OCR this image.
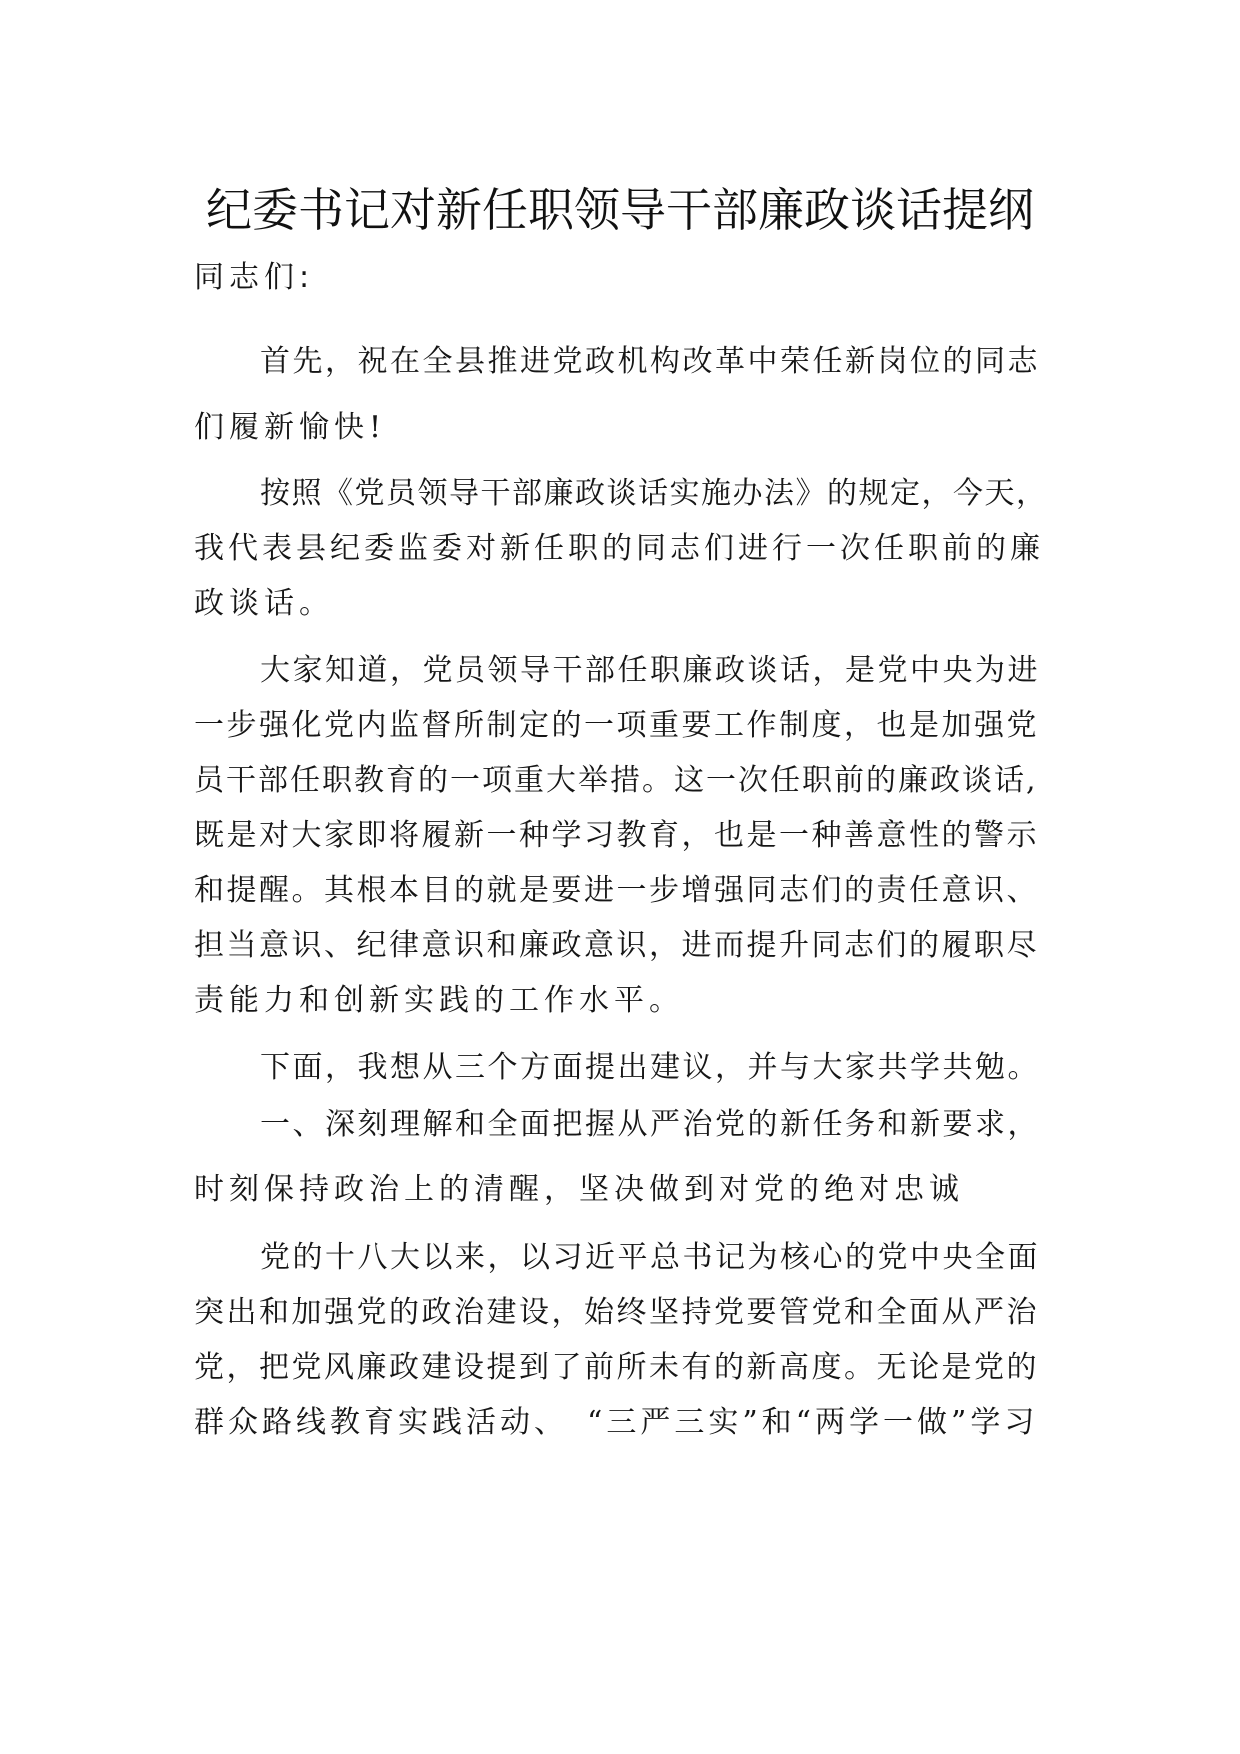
纪委书记对新任职领导干部廉政谈话提纲

同志们:

首先，祝在全县推进党政机构改革中荣任新岗位的同志

们履新愉快!

按照《党员领导干部廉政谈话实施办法》的规定，今天，

我代表县纪委监委对新任职的同志们进行一次任职前的廉

政谈话。

大家知道，党员领导干部任职廉政谈话，是党中央为进

一步强化党内监督所制定的一项重要工作制度，也是加强党

员干部任职教育的一项重大举措。这一次任职前的廉政谈话,

既是对大家即将履新一种学习教育，也是一种善意性的警示

和提醒。其根本目的就是要进一步增强同志们的责任意识、

担当意识、纪律意识和廉政意识，进而提升同志们的履职尽

责能力和创新实践的工作水平。

下面，我想从三个方面提出建议，并与大家共学共勉。

一、深刻理解和全面把握从严治党的新任务和新要求，

时刻保持政治上的清醒，坚决做到对党的绝对忠诚

党的十八大以来，以习近平总书记为核心的党中央全面

突出和加强党的政治建设，始终坚持党要管党和全面从严治

党，把党风廉政建设提到了前所未有的新高度。无论是党的

群众路线教育实践活动、　“三严三实”和“两学一做”学习
